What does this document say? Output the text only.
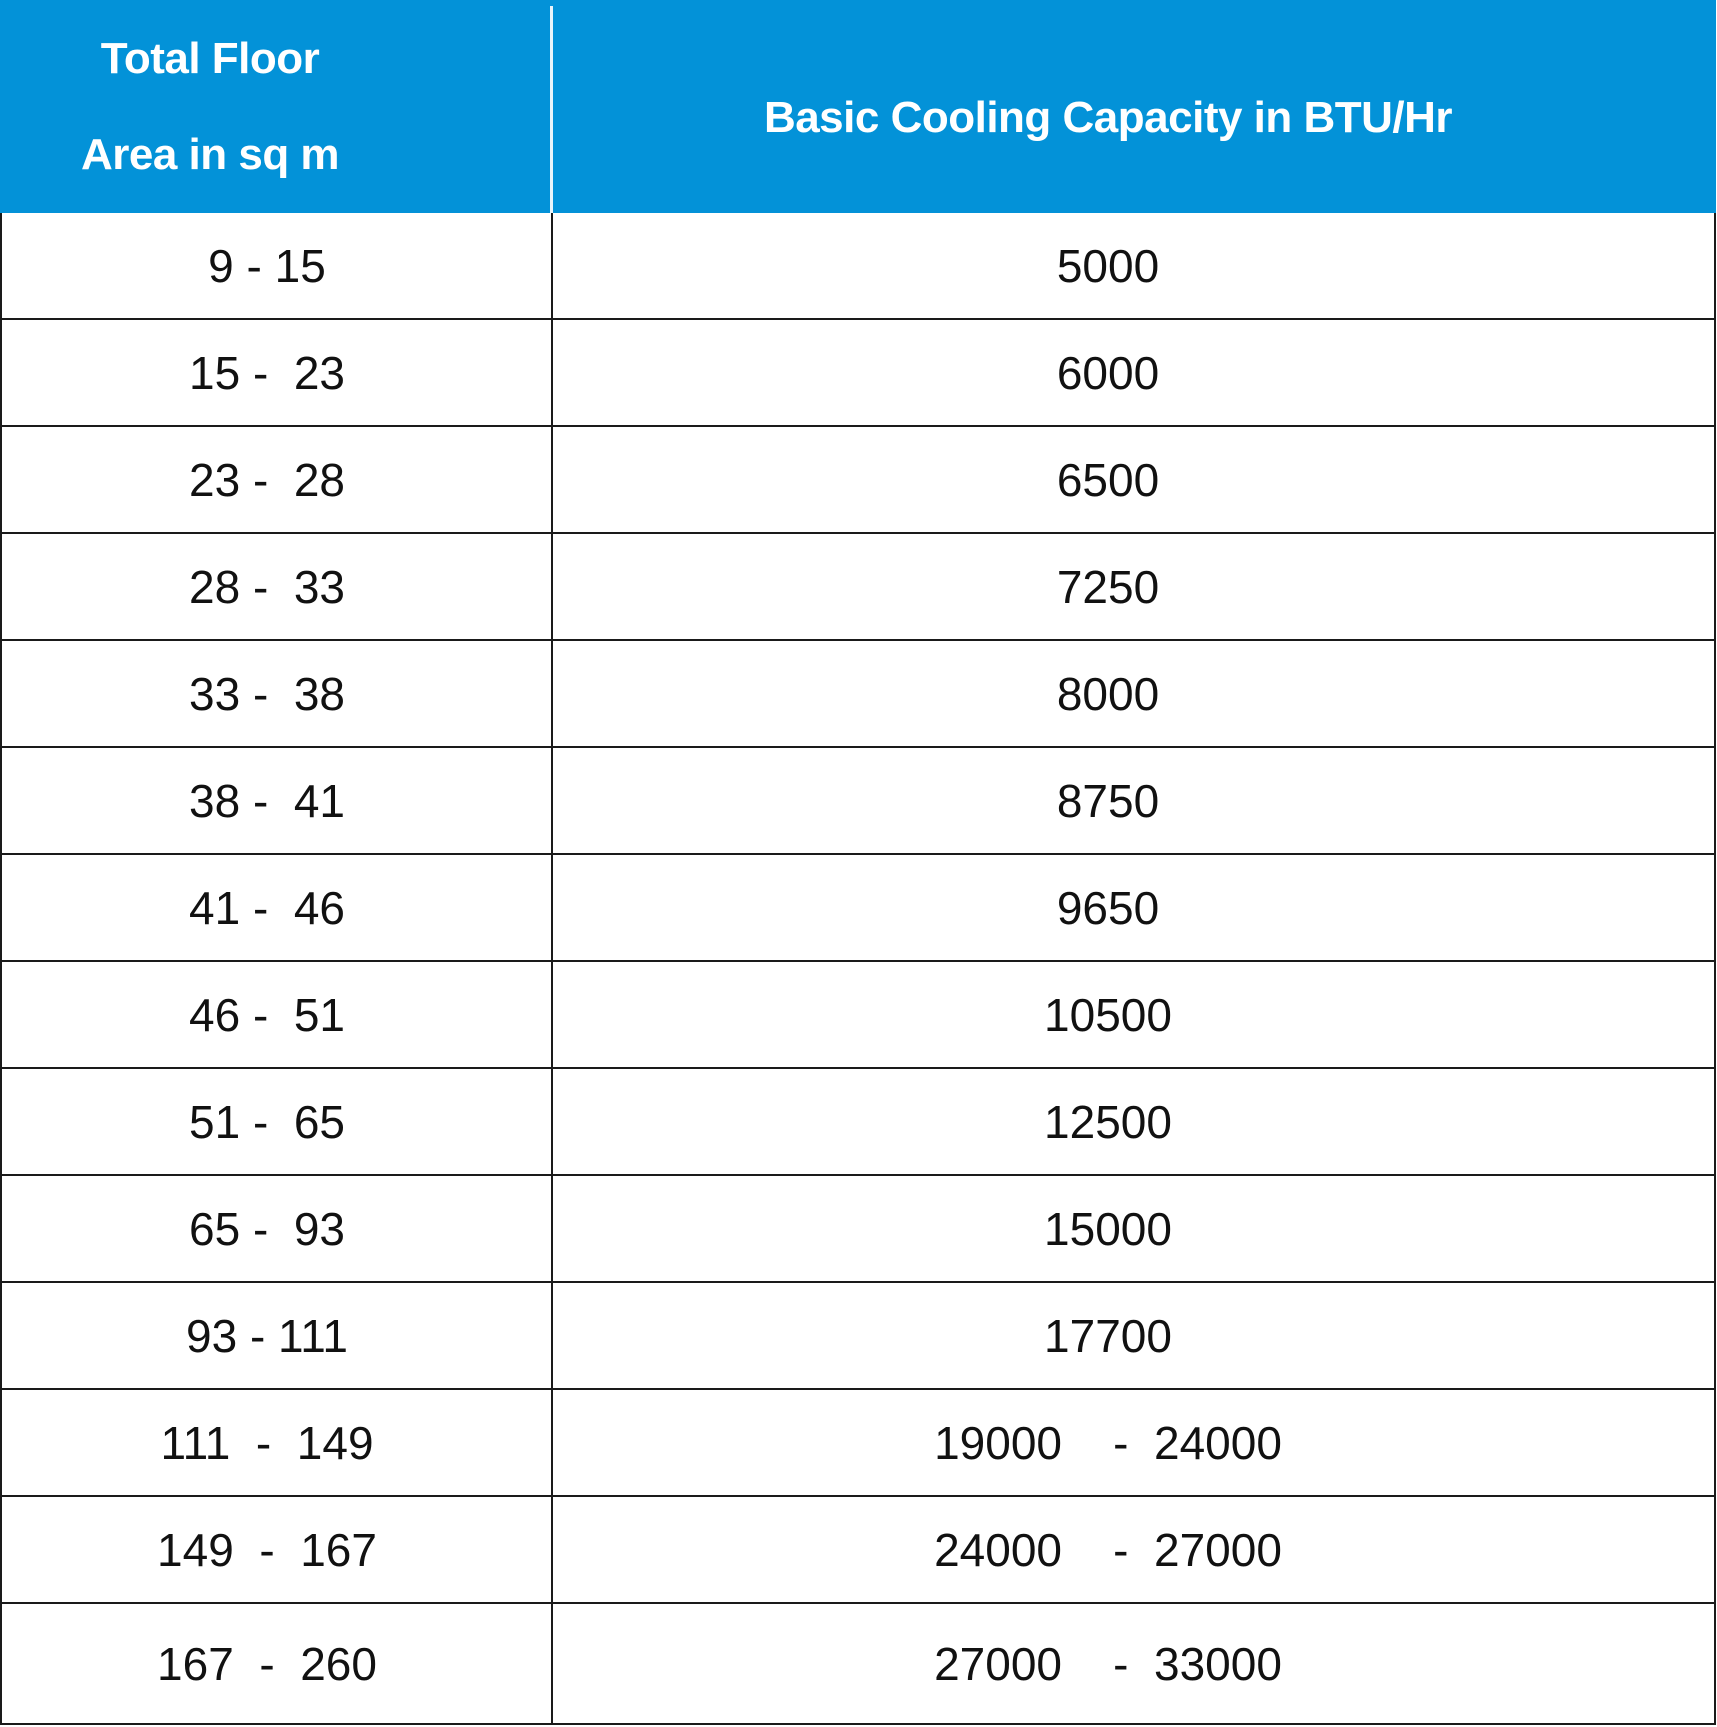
Total Floor
Area in sq m
Basic Cooling Capacity in BTU/Hr
9 - 15	5000
15 -  23	6000
23 -  28	6500
28 -  33	7250
33 -  38	8000
38 -  41	8750
41 -  46	9650
46 -  51	10500
51 -  65	12500
65 -  93	15000
93 - 111	17700
111  -  149	19000    -  24000
149  -  167	24000    -  27000
167  -  260	27000    -  33000
